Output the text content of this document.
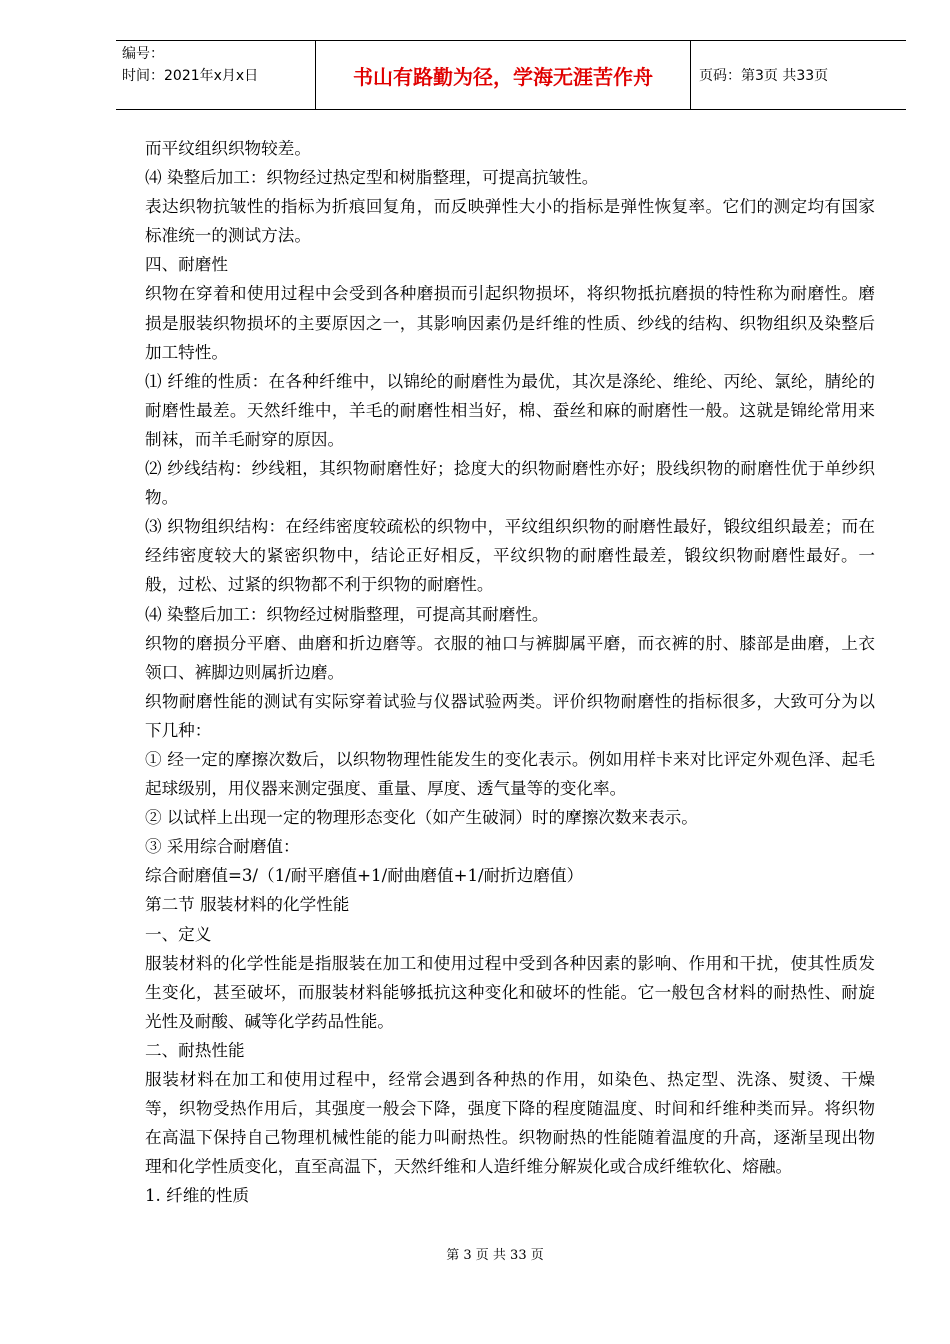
编号：
时间：2021年x月x日	书山有路勤为径，学海无涯苦作舟	页码：第3页 共33页

而平纹组织织物较差。

⑷ 染整后加工：织物经过热定型和树脂整理，可提高抗皱性。

表达织物抗皱性的指标为折痕回复角，而反映弹性大小的指标是弹性恢复率。它们的测定均有国家标准统一的测试方法。

四、耐磨性

织物在穿着和使用过程中会受到各种磨损而引起织物损坏，将织物抵抗磨损的特性称为耐磨性。磨损是服装织物损坏的主要原因之一，其影响因素仍是纤维的性质、纱线的结构、织物组织及染整后加工特性。

⑴ 纤维的性质：在各种纤维中，以锦纶的耐磨性为最优，其次是涤纶、维纶、丙纶、氯纶，腈纶的耐磨性最差。天然纤维中，羊毛的耐磨性相当好，棉、蚕丝和麻的耐磨性一般。这就是锦纶常用来制袜，而羊毛耐穿的原因。

⑵ 纱线结构：纱线粗，其织物耐磨性好；捻度大的织物耐磨性亦好；股线织物的耐磨性优于单纱织物。

⑶ 织物组织结构：在经纬密度较疏松的织物中，平纹组织织物的耐磨性最好，锻纹组织最差；而在经纬密度较大的紧密织物中，结论正好相反，平纹织物的耐磨性最差，锻纹织物耐磨性最好。一般，过松、过紧的织物都不利于织物的耐磨性。

⑷ 染整后加工：织物经过树脂整理，可提高其耐磨性。

织物的磨损分平磨、曲磨和折边磨等。衣服的袖口与裤脚属平磨，而衣裤的肘、膝部是曲磨，上衣领口、裤脚边则属折边磨。

织物耐磨性能的测试有实际穿着试验与仪器试验两类。评价织物耐磨性的指标很多，大致可分为以下几种：

① 经一定的摩擦次数后，以织物物理性能发生的变化表示。例如用样卡来对比评定外观色泽、起毛起球级别，用仪器来测定强度、重量、厚度、透气量等的变化率。

② 以试样上出现一定的物理形态变化（如产生破洞）时的摩擦次数来表示。

③ 采用综合耐磨值：

综合耐磨值=3/（1/耐平磨值+1/耐曲磨值+1/耐折边磨值）

第二节 服装材料的化学性能

一、定义

服装材料的化学性能是指服装在加工和使用过程中受到各种因素的影响、作用和干扰，使其性质发生变化，甚至破坏，而服装材料能够抵抗这种变化和破坏的性能。它一般包含材料的耐热性、耐旋光性及耐酸、碱等化学药品性能。

二、耐热性能

服装材料在加工和使用过程中，经常会遇到各种热的作用，如染色、热定型、洗涤、熨烫、干燥等，织物受热作用后，其强度一般会下降，强度下降的程度随温度、时间和纤维种类而异。将织物在高温下保持自己物理机械性能的能力叫耐热性。织物耐热的性能随着温度的升高，逐渐呈现出物理和化学性质变化，直至高温下，天然纤维和人造纤维分解炭化或合成纤维软化、熔融。

1. 纤维的性质

第 3 页 共 33 页
